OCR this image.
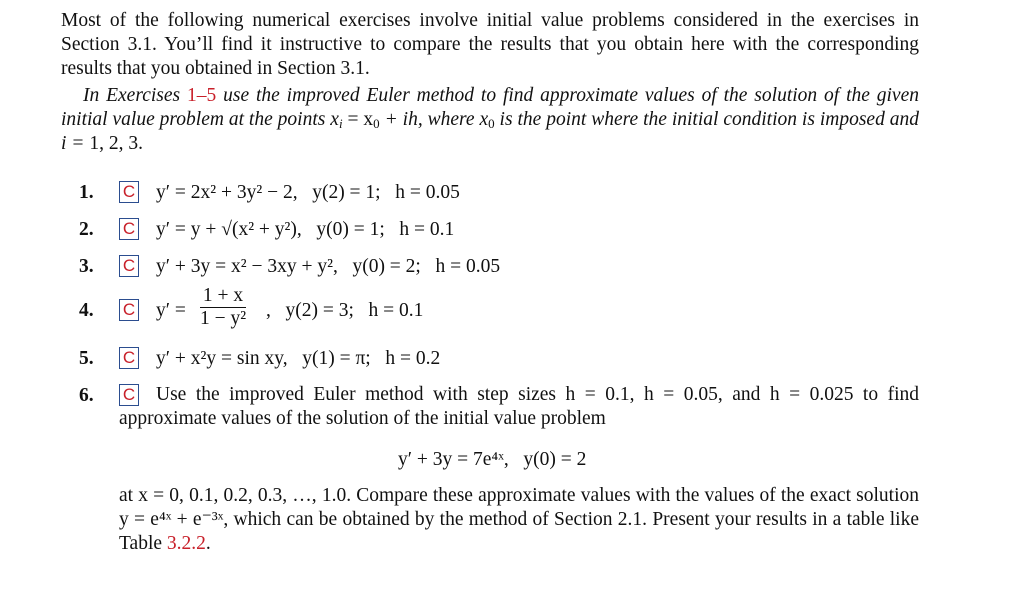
Most of the following numerical exercises involve initial value problems considered in the exercises in Section 3.1. You’ll find it instructive to compare the results that you obtain here with the corresponding results that you obtained in Section 3.1.
In Exercises 1–5 use the improved Euler method to find approximate values of the solution of the given initial value problem at the points $x_i = x_0$ + ih, where $x_0$ is the point where the initial condition is imposed and i = 1, 2, 3.
1. C y′ = 2x² + 3y² − 2,   y(2) = 1;   h = 0.05
2. C y′ = y + √(x² + y²),   y(0) = 1;   h = 0.1
3. C y′ + 3y = x² − 3xy + y²,   y(0) = 2;   h = 0.05
4. C $y' = \frac{1 + x}{\text{1 − y²}}$ ,   y(2) = 3;   h = 0.1
5. C y′ + x²y = sin xy,   y(1) = π;   h = 0.2
6. C	Use the improved Euler method with step sizes h = 0.1, h = 0.05, and h = 0.025 to find approximate values of the solution of the initial value problem
y′ + 3y = 7e⁴ˣ,   y(0) = 2
at x = 0, 0.1, 0.2, 0.3, …, 1.0. Compare these approximate values with the values of the exact solution y = e⁴ˣ + e⁻³ˣ, which can be obtained by the method of Section 2.1. Present your results in a table like Table 3.2.2.
